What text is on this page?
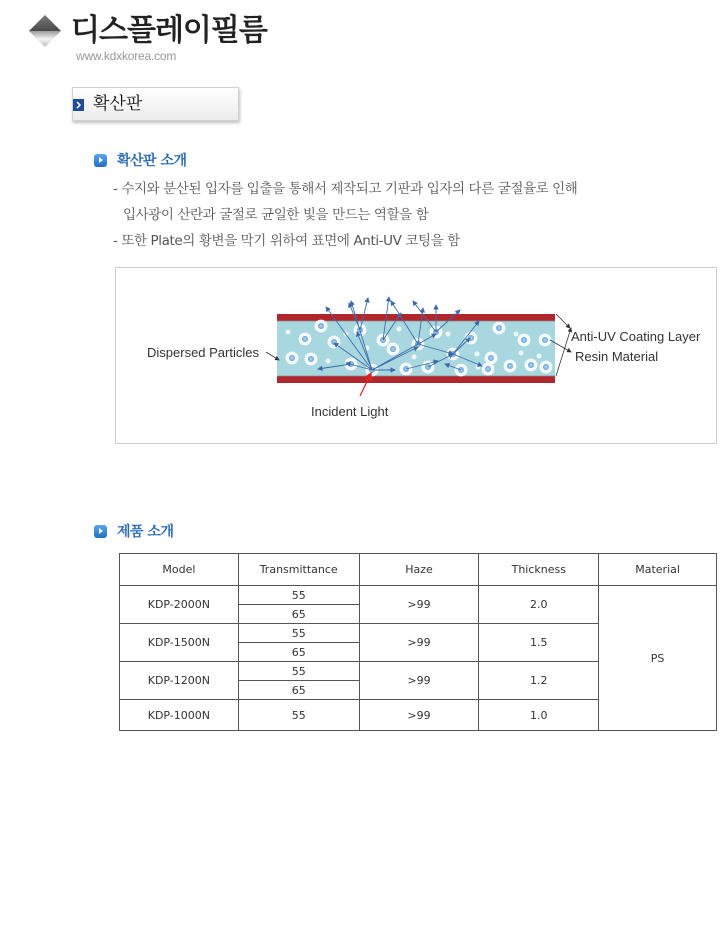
디스플레이필름
www.kdxkorea.com
확산판
확산판 소개
- 수지와 분산된 입자를 입출을 통해서 제작되고 기판과 입자의 다른 굴절율로 인해
입사광이 산란과 굴절로 균일한 빛을 만드는 역할을 함
- 또한 Plate의 황변을 막기 위하여 표면에 Anti-UV 코팅을 함
Dispersed Particles
Incident Light
Anti-UV Coating Layer
Resin Material
제품 소개
Model	Transmittance	Haze	Thickness	Material
KDP-2000N	55	>99	2.0	PS
	65			
KDP-1500N	55	>99	1.5	
	65			
KDP-1200N	55	>99	1.2	
	65			
KDP-1000N	55	>99	1.0	
